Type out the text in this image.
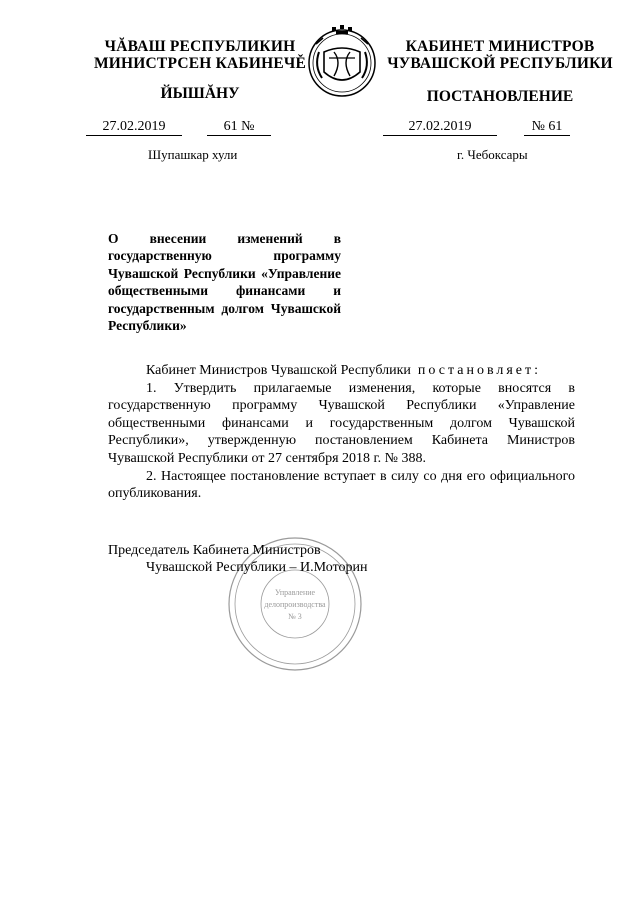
ЧĂВАШ РЕСПУБЛИКИН
МИНИСТРСЕН КАБИНЕЧĚ
ЙЫШĂНУ
КАБИНЕТ МИНИСТРОВ
ЧУВАШСКОЙ РЕСПУБЛИКИ
ПОСТАНОВЛЕНИЕ
27.02.2019	61 №	27.02.2019	№ 61
Шупашкар хули	г. Чебоксары
О внесении изменений в государственную программу Чувашской Республики «Управление общественными финансами и государственным долгом Чувашской Республики»

Кабинет Министров Чувашской Республики постановляет:

1. Утвердить прилагаемые изменения, которые вносятся в государственную программу Чувашской Республики «Управление общественными финансами и государственным долгом Чувашской Республики», утвержденную постановлением Кабинета Министров Чувашской Республики от 27 сентября 2018 г. № 388.

2. Настоящее постановление вступает в силу со дня его официального опубликования.

Управление
делопроизводства
№ 3
Председатель Кабинета Министров
Чувашской Республики – И.Моторин
